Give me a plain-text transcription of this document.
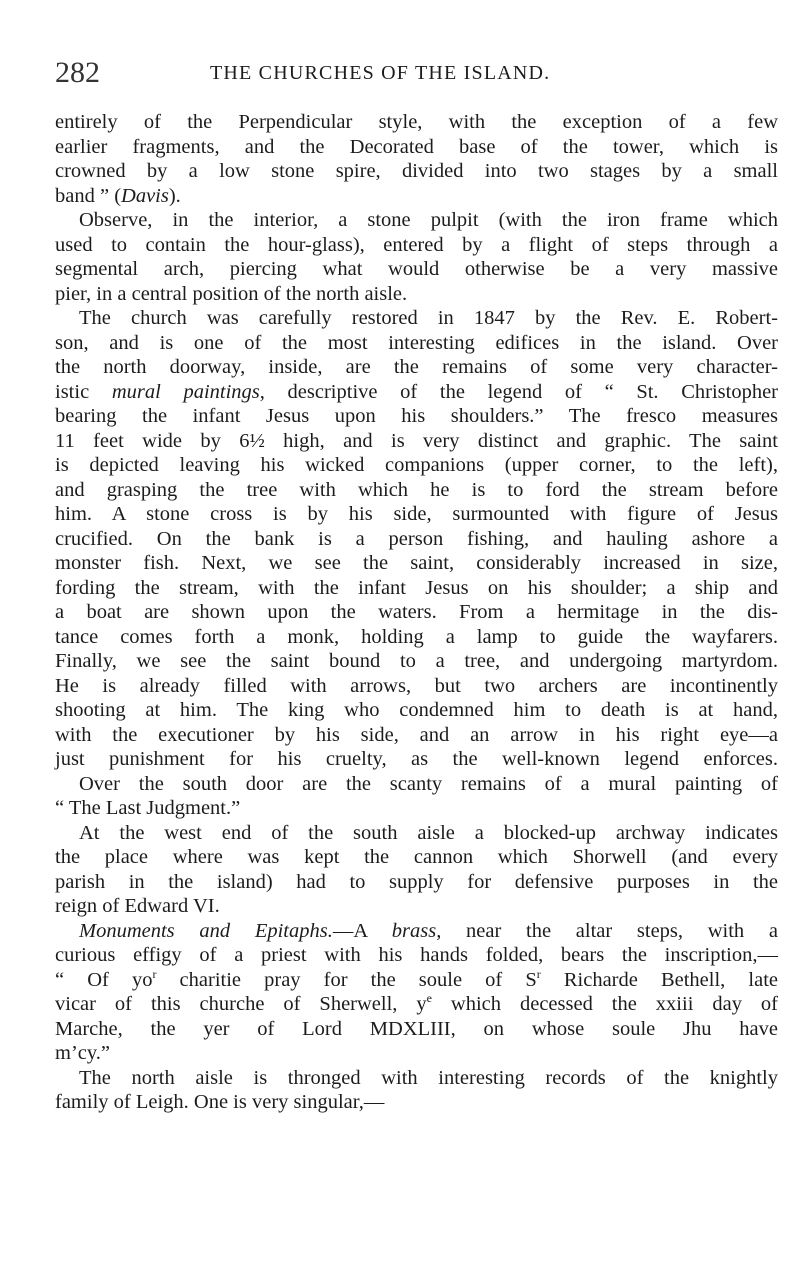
282	THE CHURCHES OF THE ISLAND.
entirely of the Perpendicular style, with the exception of a few
earlier fragments, and the Decorated base of the tower, which is
crowned by a low stone spire, divided into two stages by a small
band ” (Davis).
Observe, in the interior, a stone pulpit (with the iron frame which
used to contain the hour-glass), entered by a flight of steps through a
segmental arch, piercing what would otherwise be a very massive
pier, in a central position of the north aisle.
The church was carefully restored in 1847 by the Rev. E. Robert-
son, and is one of the most interesting edifices in the island. Over
the north doorway, inside, are the remains of some very character-
istic mural paintings, descriptive of the legend of “ St. Christopher
bearing the infant Jesus upon his shoulders.” The fresco measures
11 feet wide by 6½ high, and is very distinct and graphic. The saint
is depicted leaving his wicked companions (upper corner, to the left),
and grasping the tree with which he is to ford the stream before
him. A stone cross is by his side, surmounted with figure of Jesus
crucified. On the bank is a person fishing, and hauling ashore a
monster fish. Next, we see the saint, considerably increased in size,
fording the stream, with the infant Jesus on his shoulder; a ship and
a boat are shown upon the waters. From a hermitage in the dis-
tance comes forth a monk, holding a lamp to guide the wayfarers.
Finally, we see the saint bound to a tree, and undergoing martyrdom.
He is already filled with arrows, but two archers are incontinently
shooting at him. The king who condemned him to death is at hand,
with the executioner by his side, and an arrow in his right eye—a
just punishment for his cruelty, as the well-known legend enforces.
Over the south door are the scanty remains of a mural painting of
“ The Last Judgment.”
At the west end of the south aisle a blocked-up archway indicates
the place where was kept the cannon which Shorwell (and every
parish in the island) had to supply for defensive purposes in the
reign of Edward VI.
Monuments and Epitaphs.—A brass, near the altar steps, with a
curious effigy of a priest with his hands folded, bears the inscription,—
“ Of $yo^r$ charitie pray for the soule of $S^r$ Richarde Bethell, late
vicar of this churche of Sherwell, $y^e$ which decessed the xxiii day of
Marche, the yer of Lord MDXLIII, on whose soule Jhu have
m’cy.”
The north aisle is thronged with interesting records of the knightly
family of Leigh. One is very singular,—
